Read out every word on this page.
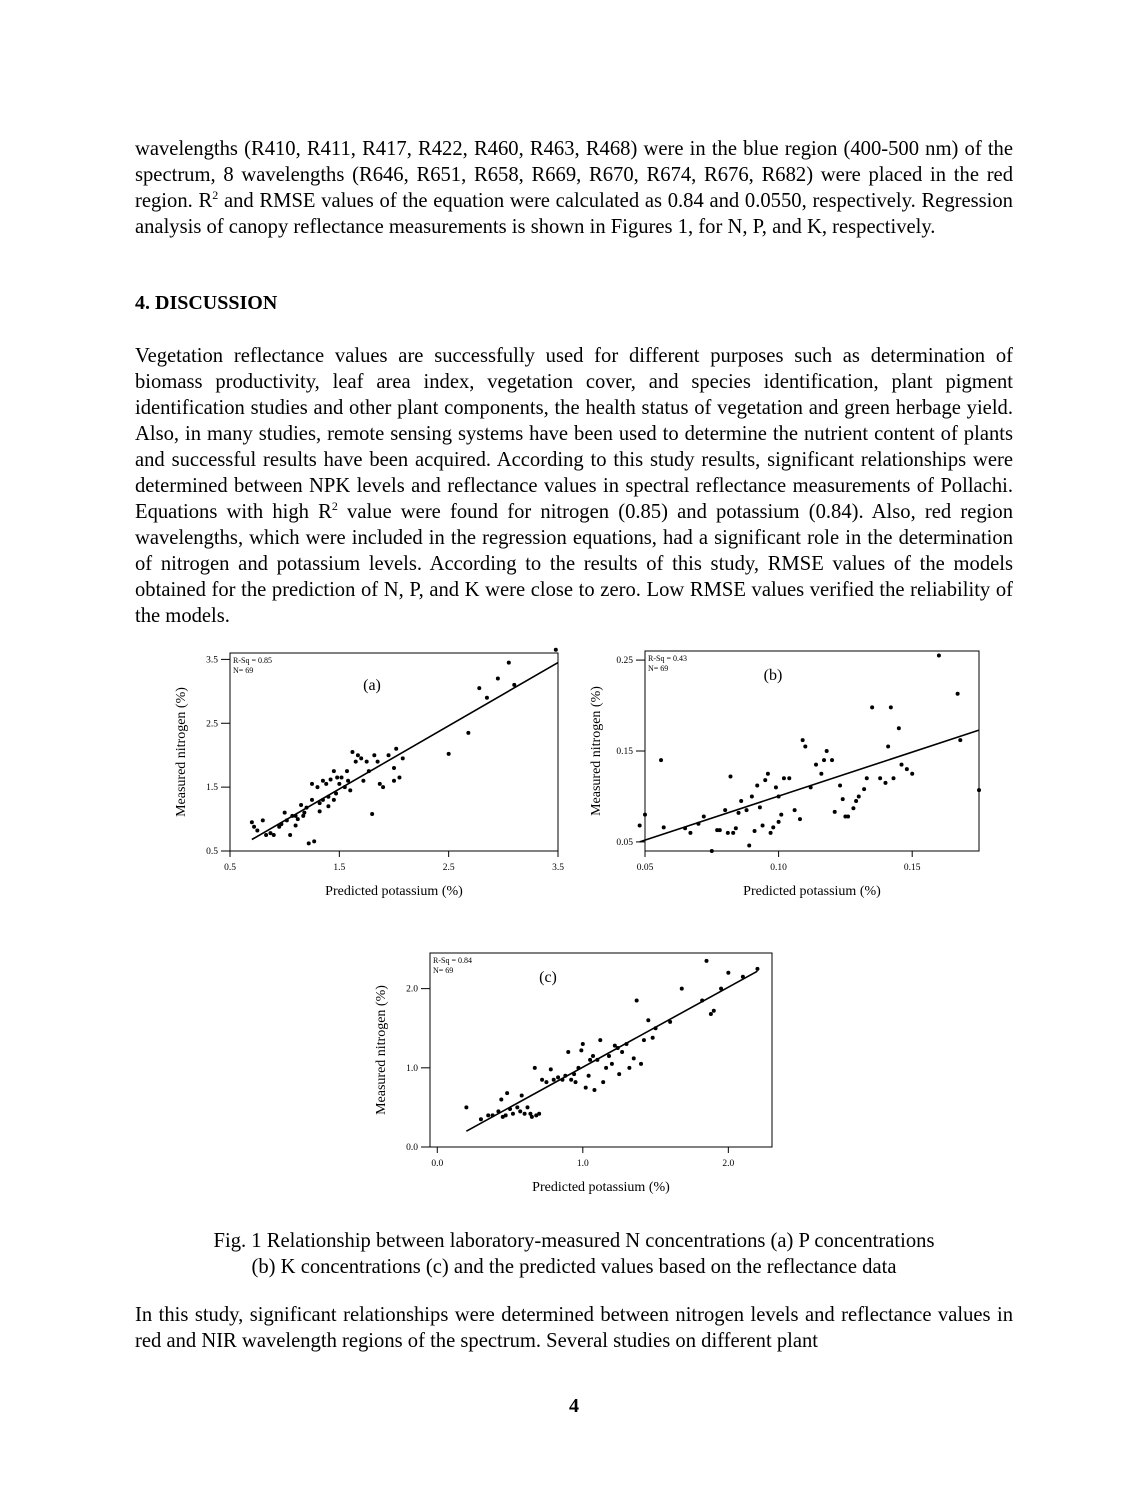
wavelengths (R410, R411, R417, R422, R460, R463, R468) were in the blue region (400-500 nm) of the spectrum, 8 wavelengths (R646, R651, R658, R669, R670, R674, R676, R682) were placed in the red region. $R^2$ and RMSE values of the equation were calculated as 0.84 and 0.0550, respectively. Regression analysis of canopy reflectance measurements is shown in Figures 1, for N, P, and K, respectively.

4. DISCUSSION

Vegetation reflectance values are successfully used for different purposes such as determination of biomass productivity, leaf area index, vegetation cover, and species identification, plant pigment identification studies and other plant components, the health status of vegetation and green herbage yield. Also, in many studies, remote sensing systems have been used to determine the nutrient content of plants and successful results have been acquired. According to this study results, significant relationships were determined between NPK levels and reflectance values in spectral reflectance measurements of Pollachi. Equations with high $R^2$ value were found for nitrogen (0.85) and potassium (0.84). Also, red region wavelengths, which were included in the regression equations, had a significant role in the determination of nitrogen and potassium levels. According to the results of this study, RMSE values of the models obtained for the prediction of N, P, and K were close to zero. Low RMSE values verified the reliability of the models.

0.5	1.5	2.5	3.5
0.5
1.5
2.5
3.5
Predicted potassium (%)
Measured nitrogen (%)
R-Sq = 0.85
N= 69
(a)
0.05	0.10	0.15
0.05
0.15
0.25
Predicted potassium (%)
Measured nitrogen (%)
R-Sq = 0.43
N= 69	(b)
0.0	1.0	2.0
0.0
1.0
2.0
Predicted potassium (%)
Measured nitrogen (%)
R-Sq = 0.84
N= 69	(c)
Fig. 1 Relationship between laboratory-measured N concentrations (a) P concentrations
(b) K concentrations (c) and the predicted values based on the reflectance data

In this study, significant relationships were determined between nitrogen levels and reflectance values in red and NIR wavelength regions of the spectrum. Several studies on different plant

4
